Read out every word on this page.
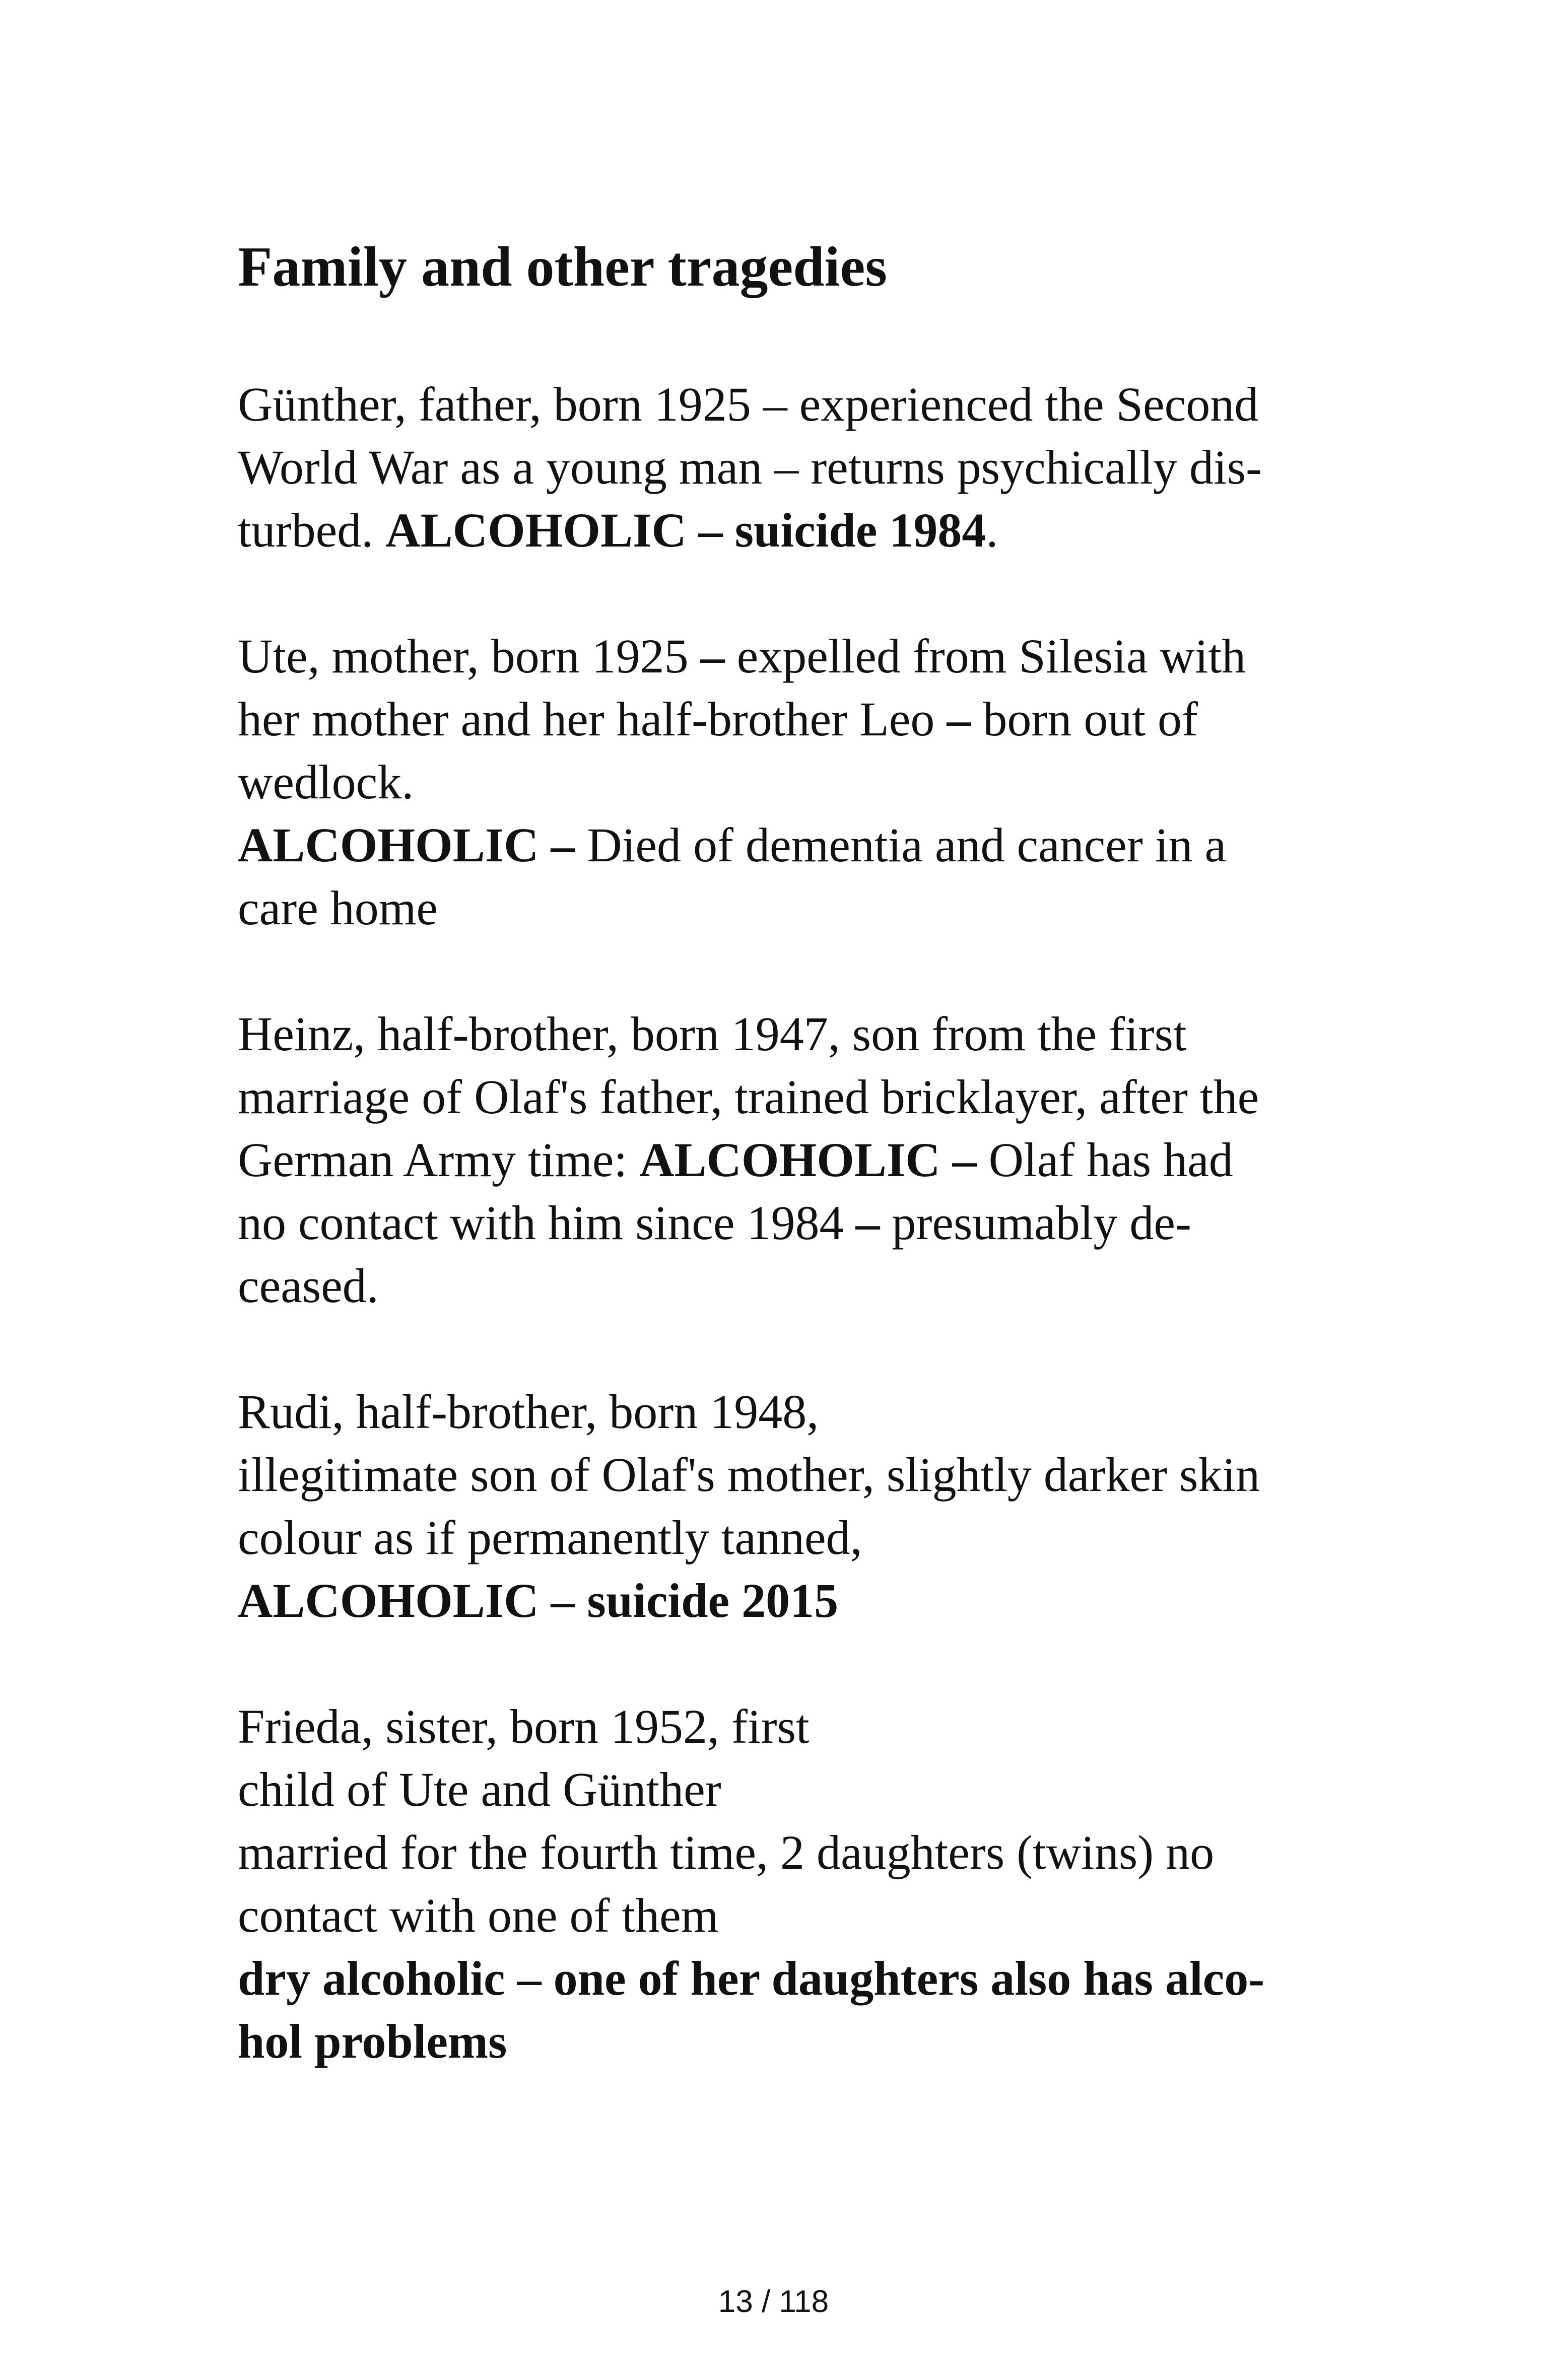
Family and other tragedies
Günther, father, born 1925 – experienced the Second
World War as a young man – returns psychically dis-
turbed. ALCOHOLIC – suicide 1984.
Ute, mother, born 1925 – expelled from Silesia with
her mother and her half-brother Leo – born out of
wedlock.
ALCOHOLIC – Died of dementia and cancer in a
care home
Heinz, half-brother, born 1947, son from the first
marriage of Olaf's father, trained bricklayer, after the
German Army time: ALCOHOLIC – Olaf has had
no contact with him since 1984 – presumably de-
ceased.
Rudi, half-brother, born 1948,
illegitimate son of Olaf's mother, slightly darker skin
colour as if permanently tanned,
ALCOHOLIC – suicide 2015
Frieda, sister, born 1952, first
child of Ute and Günther
married for the fourth time, 2 daughters (twins) no
contact with one of them
dry alcoholic – one of her daughters also has alco-
hol problems
13 / 118
